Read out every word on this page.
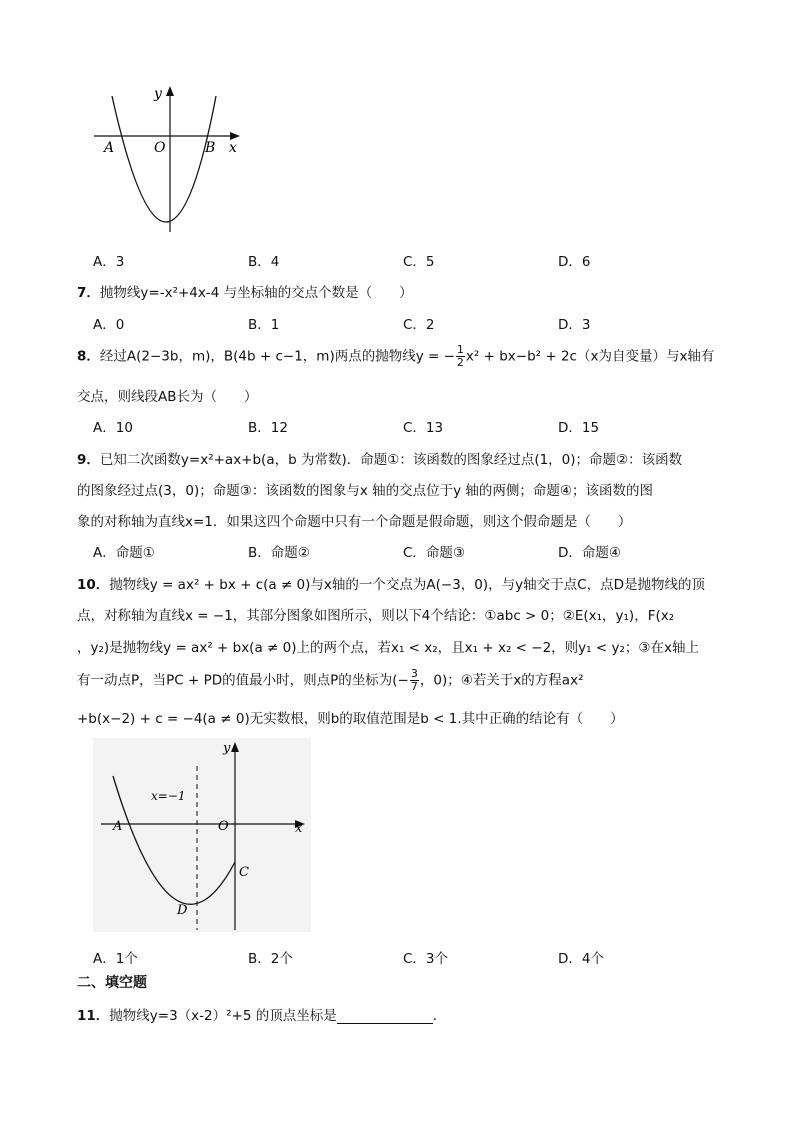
y
x
A	O	B
A．3	B．4	C．5	D．6
7．抛物线y=-x²+4x-4 与坐标轴的交点个数是（　　）
A．0	B．1	C．2	D．3
8．经过A(2−3b，m)，B(4b + c−1，m)两点的抛物线y = − $\frac{1}{2} x^2 + bx-b^2 + 2c(x$为自变量）与x轴有
交点，则线段AB长为（　　）
A．10	B．12	C．13	D．15
9．已知二次函数y=x²+ax+b(a，b 为常数)．命题①：该函数的图象经过点(1，0)；命题②：该函数
的图象经过点(3，0)；命题③：该函数的图象与x 轴的交点位于y 轴的两侧；命题④；该函数的图
象的对称轴为直线x=1．如果这四个命题中只有一个命题是假命题，则这个假命题是（　　）
A．命题①	B．命题②	C．命题③	D．命题④
10．抛物线y = ax² + bx + c(a ≠ 0)与x轴的一个交点为A(−3，0)，与y轴交于点C，点D是抛物线的顶
点，对称轴为直线x = −1，其部分图象如图所示，则以下4个结论：①abc > 0；②E(x₁，y₁)，F(x₂
，y₂)是抛物线y = ax² + bx(a ≠ 0)上的两个点，若x₁ < x₂，且x₁ + x₂ < −2，则y₁ < y₂；③在x轴上
有一动点P，当PC + PD的值最小时，则点P的坐标为(− $\frac{3}{7}$ ，0)；④若关于x的方程ax²
+b(x−2) + c = −4(a ≠ 0)无实数根，则b的取值范围是b < 1.其中正确的结论有（　　）
y
x
x=−1
A	O
C
D
A．1个	B．2个	C．3个	D．4个
二、填空题
11．抛物线y=3（x-2）²+5 的顶点坐标是	．
